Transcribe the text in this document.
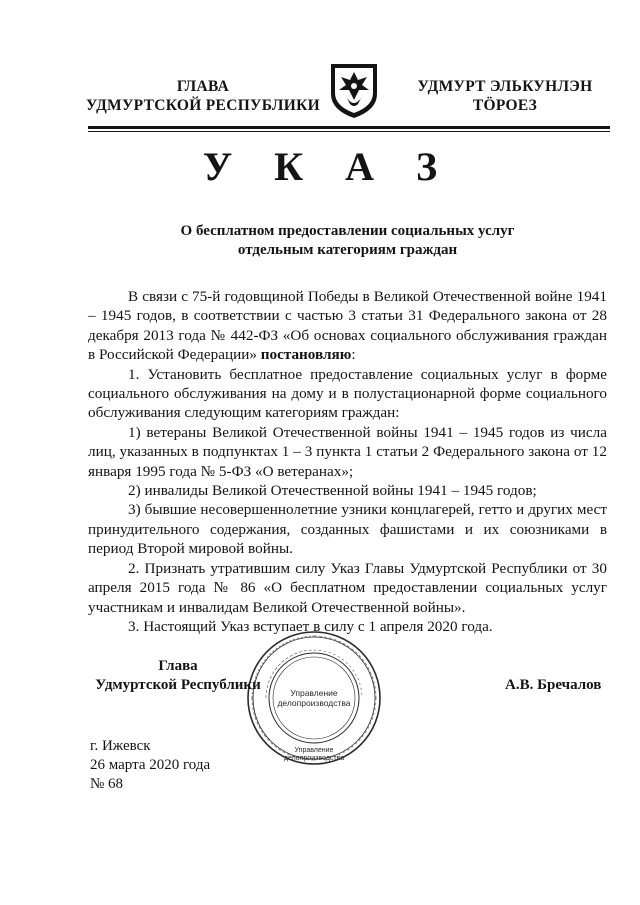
ГЛАВА
УДМУРТСКОЙ РЕСПУБЛИКИ
УДМУРТ ЭЛЬКУНЛЭН
ТӦРОЕЗ
У К А З
О бесплатном предоставлении социальных услуг
отдельным категориям граждан

В связи с 75-й годовщиной Победы в Великой Отечественной войне 1941 – 1945 годов, в соответствии с частью 3 статьи 31 Федерального закона от 28 декабря 2013 года № 442-ФЗ «Об основах социального обслуживания граждан в Российской Федерации» постановляю:

1. Установить бесплатное предоставление социальных услуг в форме социального обслуживания на дому и в полустационарной форме социального обслуживания следующим категориям граждан:

1) ветераны Великой Отечественной войны 1941 – 1945 годов из числа лиц, указанных в подпунктах 1 – 3 пункта 1 статьи 2 Федерального закона от 12 января 1995 года № 5-ФЗ «О ветеранах»;

2) инвалиды Великой Отечественной войны 1941 – 1945 годов;

3) бывшие несовершеннолетние узники концлагерей, гетто и других мест принудительного содержания, созданных фашистами и их союзниками в период Второй мировой войны.

2. Признать утратившим силу Указ Главы Удмуртской Республики от 30 апреля 2015 года № 86 «О бесплатном предоставлении социальных услуг участникам и инвалидам Великой Отечественной войны».

3. Настоящий Указ вступает в силу с 1 апреля 2020 года.

Управление
делопроизводства
Управление
делопроизводства
Глава
Удмуртской Республики	А.В. Бречалов
г. Ижевск
26 марта 2020 года
№ 68
